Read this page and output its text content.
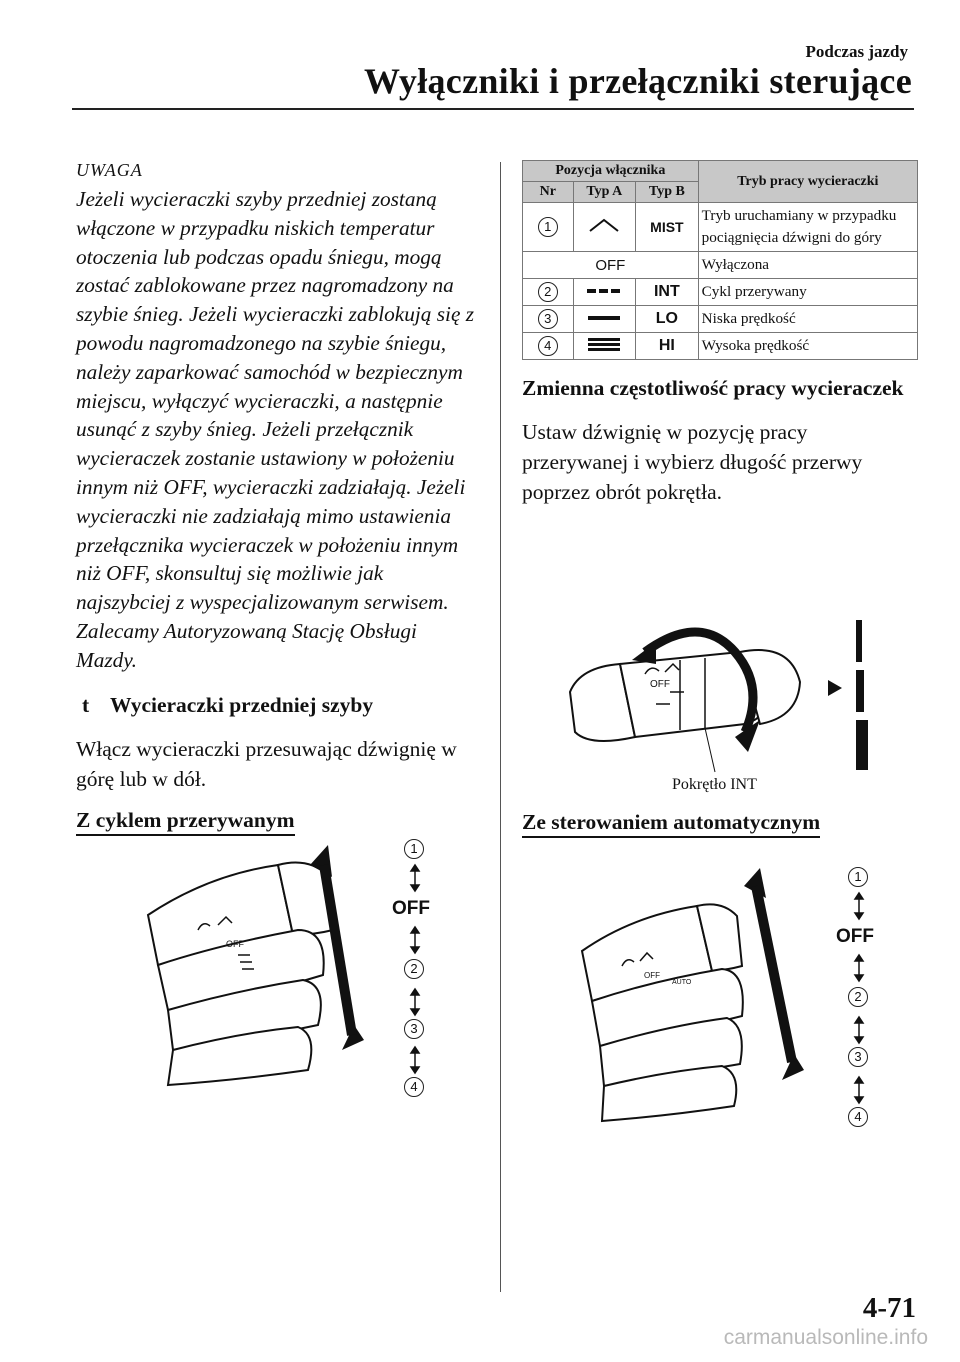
Podczas jazdy
Wyłączniki i przełączniki sterujące
UWAGA

Jeżeli wycieraczki szyby przedniej zostaną włączone w przypadku niskich temperatur otoczenia lub podczas opadu śniegu, mogą zostać zablokowane przez nagromadzony na szybie śnieg. Jeżeli wycieraczki zablokują się z powodu nagromadzonego na szybie śniegu, należy zaparkować samochód w bezpiecznym miejscu, wyłączyć wycieraczki, a następnie usunąć z szyby śnieg. Jeżeli przełącznik wycieraczek zostanie ustawiony w położeniu innym niż OFF, wycieraczki zadziałają. Jeżeli wycieraczki nie zadziałają mimo ustawienia przełącznika wycieraczek w położeniu innym niż OFF, skonsultuj się możliwie jak najszybciej z wyspecjalizowanym serwisem. Zalecamy Autoryzowaną Stację Obsługi Mazdy.

t Wycieraczki przedniej szyby

Włącz wycieraczki przesuwając dźwignię w górę lub w dół.

Z cyklem przerywanym
OFF
1
OFF
2
3
4
Pozycja włącznika			Tryb pracy wycieraczki
Nr	Typ A	Typ B	
1		MIST	Tryb uruchamiany w przypadku pociągnięcia dźwigni do góry
OFF			Wyłączona
2		INT	Cykl przerywany
3		LO	Niska prędkość
4		HI	Wysoka prędkość
Zmienna częstotliwość pracy wycieraczek
Ustaw dźwignię w pozycję pracy przerywanej i wybierz długość przerwy poprzez obrót pokrętła.
OFF
Pokrętło INT
Ze sterowaniem automatycznym
OFF
AUTO
1
OFF
2
3
4
4-71
carmanualsonline.info
